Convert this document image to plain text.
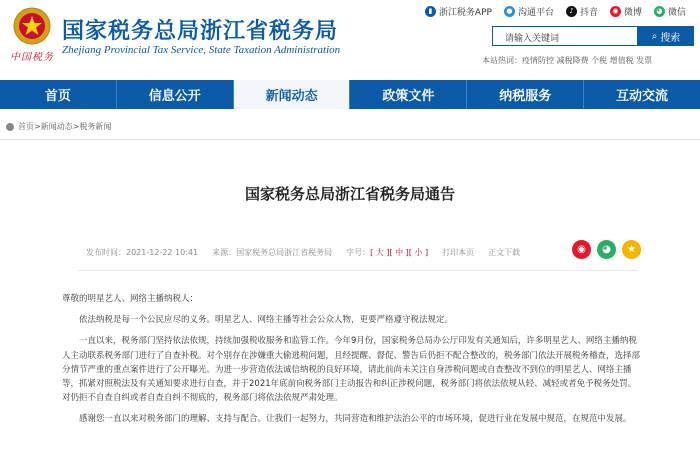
中国税务
国家税务总局浙江省税务局
Zhejiang Provincial Tax Service, State Taxation Administration
▮ 浙江税务APP	● 沟通平台	♪ 抖音	◉ 微博	◕ 微信
请输入关键词	⌕ 搜索
本站热词：疫情防控 减税降费 个税 增值税 发票
首页	信息公开	新闻动态	政策文件	纳税服务	互动交流
首页>新闻动态>税务新闻
国家税务总局浙江省税务局通告
发布时间：2021-12-22 10:41 来源：国家税务总局浙江省税务局 字号：[ 大 ][ 中 ][ 小 ] 打印本页 正文下载	◉	◕	★

尊敬的明星艺人、网络主播纳税人：

依法纳税是每一个公民应尽的义务。明星艺人、网络主播等社会公众人物，更要严格遵守税法规定。

一直以来，税务部门坚持依法依规，持续加强税收服务和监管工作。今年9月份，国家税务总局办公厅印发有关通知后，许多明星艺人、网络主播纳税人主动联系税务部门进行了自查补税。对个别存在涉嫌重大偷逃税问题，且经提醒、督促、警告后仍拒不配合整改的，税务部门依法开展税务稽查，选择部分情节严重的重点案件进行了公开曝光。为进一步营造依法诚信纳税的良好环境，请此前尚未关注自身涉税问题或自查整改不到位的明星艺人、网络主播等，抓紧对照税法及有关通知要求进行自查，并于2021年底前向税务部门主动报告和纠正涉税问题，税务部门将依法依规从轻、减轻或者免予税务处罚。对仍拒不自查自纠或者自查自纠不彻底的，税务部门将依法依规严肃处理。

感谢您一直以来对税务部门的理解、支持与配合。让我们一起努力，共同营造和维护法治公平的市场环境，促进行业在发展中规范，在规范中发展。
